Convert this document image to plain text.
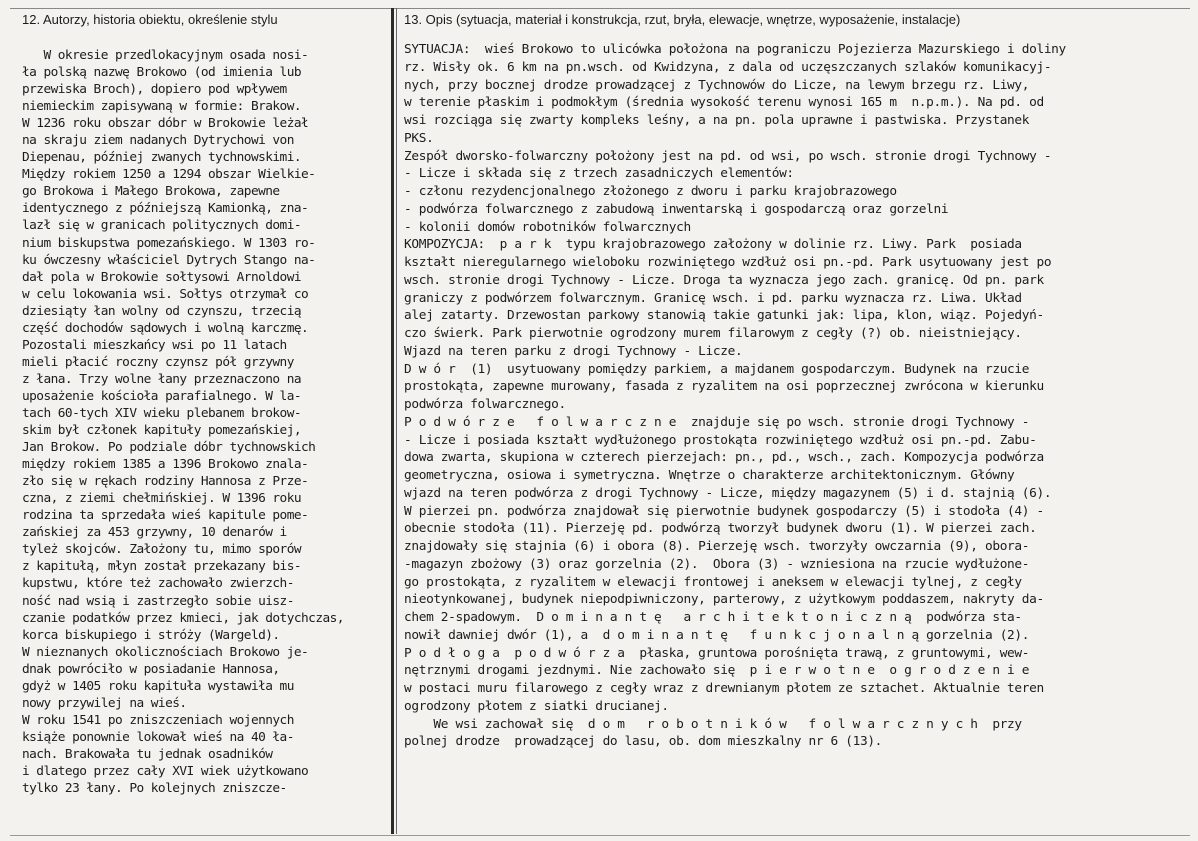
12. Autorzy, historia obiektu, określenie stylu
W okresie przedlokacyjnym osada nosi-
ła polską nazwę Brokowo (od imienia lub
przewiska Broch), dopiero pod wpływem
niemieckim zapisywaną w formie: Brakow.
W 1236 roku obszar dóbr w Brokowie leżał
na skraju ziem nadanych Dytrychowi von
Diepenau, później zwanych tychnowskimi.
Między rokiem 1250 a 1294 obszar Wielkie-
go Brokowa i Małego Brokowa, zapewne
identycznego z późniejszą Kamionką, zna-
lazł się w granicach politycznych domi-
nium biskupstwa pomezańskiego. W 1303 ro-
ku ówczesny właściciel Dytrych Stango na-
dał pola w Brokowie sołtysowi Arnoldowi
w celu lokowania wsi. Sołtys otrzymał co
dziesiąty łan wolny od czynszu, trzecią
część dochodów sądowych i wolną karczmę.
Pozostali mieszkańcy wsi po 11 latach
mieli płacić roczny czynsz pół grzywny
z łana. Trzy wolne łany przeznaczono na
uposażenie kościoła parafialnego. W la-
tach 60-tych XIV wieku plebanem brokow-
skim był członek kapituły pomezańskiej,
Jan Brokow. Po podziale dóbr tychnowskich
między rokiem 1385 a 1396 Brokowo znala-
zło się w rękach rodziny Hannosa z Prze-
czna, z ziemi chełmińskiej. W 1396 roku
rodzina ta sprzedała wieś kapitule pome-
zańskiej za 453 grzywny, 10 denarów i
tyleż skojców. Założony tu, mimo sporów
z kapitułą, młyn został przekazany bis-
kupstwu, które też zachowało zwierzch-
ność nad wsią i zastrzegło sobie uisz-
czanie podatków przez kmieci, jak dotychczas,
korca biskupiego i stróży (Wargeld).
W nieznanych okolicznościach Brokowo je-
dnak powróciło w posiadanie Hannosa,
gdyż w 1405 roku kapituła wystawiła mu
nowy przywilej na wieś.
W roku 1541 po zniszczeniach wojennych
książe ponownie lokował wieś na 40 ła-
nach. Brakowała tu jednak osadników
i dlatego przez cały XVI wiek użytkowano
tylko 23 łany. Po kolejnych zniszcze-
13. Opis (sytuacja, materiał i konstrukcja, rzut, bryła, elewacje, wnętrze, wyposażenie, instalacje)
SYTUACJA:  wieś Brokowo to ulicówka położona na pograniczu Pojezierza Mazurskiego i doliny
rz. Wisły ok. 6 km na pn.wsch. od Kwidzyna, z dala od uczęszczanych szlaków komunikacyj-
nych, przy bocznej drodze prowadzącej z Tychnowów do Licze, na lewym brzegu rz. Liwy,
w terenie płaskim i podmokłym (średnia wysokość terenu wynosi 165 m  n.p.m.). Na pd. od
wsi rozciąga się zwarty kompleks leśny, a na pn. pola uprawne i pastwiska. Przystanek
PKS.
Zespół dworsko-folwarczny położony jest na pd. od wsi, po wsch. stronie drogi Tychnowy -
- Licze i składa się z trzech zasadniczych elementów:
- członu rezydencjonalnego złożonego z dworu i parku krajobrazowego
- podwórza folwarcznego z zabudową inwentarską i gospodarczą oraz gorzelni
- kolonii domów robotników folwarcznych
KOMPOZYCJA:  p a r k  typu krajobrazowego założony w dolinie rz. Liwy. Park  posiada
kształt nieregularnego wieloboku rozwiniętego wzdłuż osi pn.-pd. Park usytuowany jest po
wsch. stronie drogi Tychnowy - Licze. Droga ta wyznacza jego zach. granicę. Od pn. park
graniczy z podwórzem folwarcznym. Granicę wsch. i pd. parku wyznacza rz. Liwa. Układ
alej zatarty. Drzewostan parkowy stanowią takie gatunki jak: lipa, klon, wiąz. Pojedyń-
czo świerk. Park pierwotnie ogrodzony murem filarowym z cegły (?) ob. nieistniejący.
Wjazd na teren parku z drogi Tychnowy - Licze.
D w ó r  (1)  usytuowany pomiędzy parkiem, a majdanem gospodarczym. Budynek na rzucie
prostokąta, zapewne murowany, fasada z ryzalitem na osi poprzecznej zwrócona w kierunku
podwórza folwarcznego.
P o d w ó r z e   f o l w a r c z n e  znajduje się po wsch. stronie drogi Tychnowy -
- Licze i posiada kształt wydłużonego prostokąta rozwiniętego wzdłuż osi pn.-pd. Zabu-
dowa zwarta, skupiona w czterech pierzejach: pn., pd., wsch., zach. Kompozycja podwórza
geometryczna, osiowa i symetryczna. Wnętrze o charakterze architektonicznym. Główny
wjazd na teren podwórza z drogi Tychnowy - Licze, między magazynem (5) i d. stajnią (6).
W pierzei pn. podwórza znajdował się pierwotnie budynek gospodarczy (5) i stodoła (4) -
obecnie stodoła (11). Pierzeję pd. podwórzą tworzył budynek dworu (1). W pierzei zach.
znajdowały się stajnia (6) i obora (8). Pierzeję wsch. tworzyły owczarnia (9), obora-
-magazyn zbożowy (3) oraz gorzelnia (2).  Obora (3) - wzniesiona na rzucie wydłużone-
go prostokąta, z ryzalitem w elewacji frontowej i aneksem w elewacji tylnej, z cegły
nieotynkowanej, budynek niepodpiwniczony, parterowy, z użytkowym poddaszem, nakryty da-
chem 2-spadowym.  D o m i n a n t ę   a r c h i t e k t o n i c z n ą  podwórza sta-
nowił dawniej dwór (1), a  d o m i n a n t ę   f u n k c j o n a l n ą gorzelnia (2).
P o d ł o g a  p o d w ó r z a  płaska, gruntowa porośnięta trawą, z gruntowymi, wew-
nętrznymi drogami jezdnymi. Nie zachowało się  p i e r w o t n e  o g r o d z e n i e
w postaci muru filarowego z cegły wraz z drewnianym płotem ze sztachet. Aktualnie teren
ogrodzony płotem z siatki drucianej.
We wsi zachował się  d o m   r o b o t n i k ó w   f o l w a r c z n y c h  przy
polnej drodze  prowadzącej do lasu, ob. dom mieszkalny nr 6 (13).
